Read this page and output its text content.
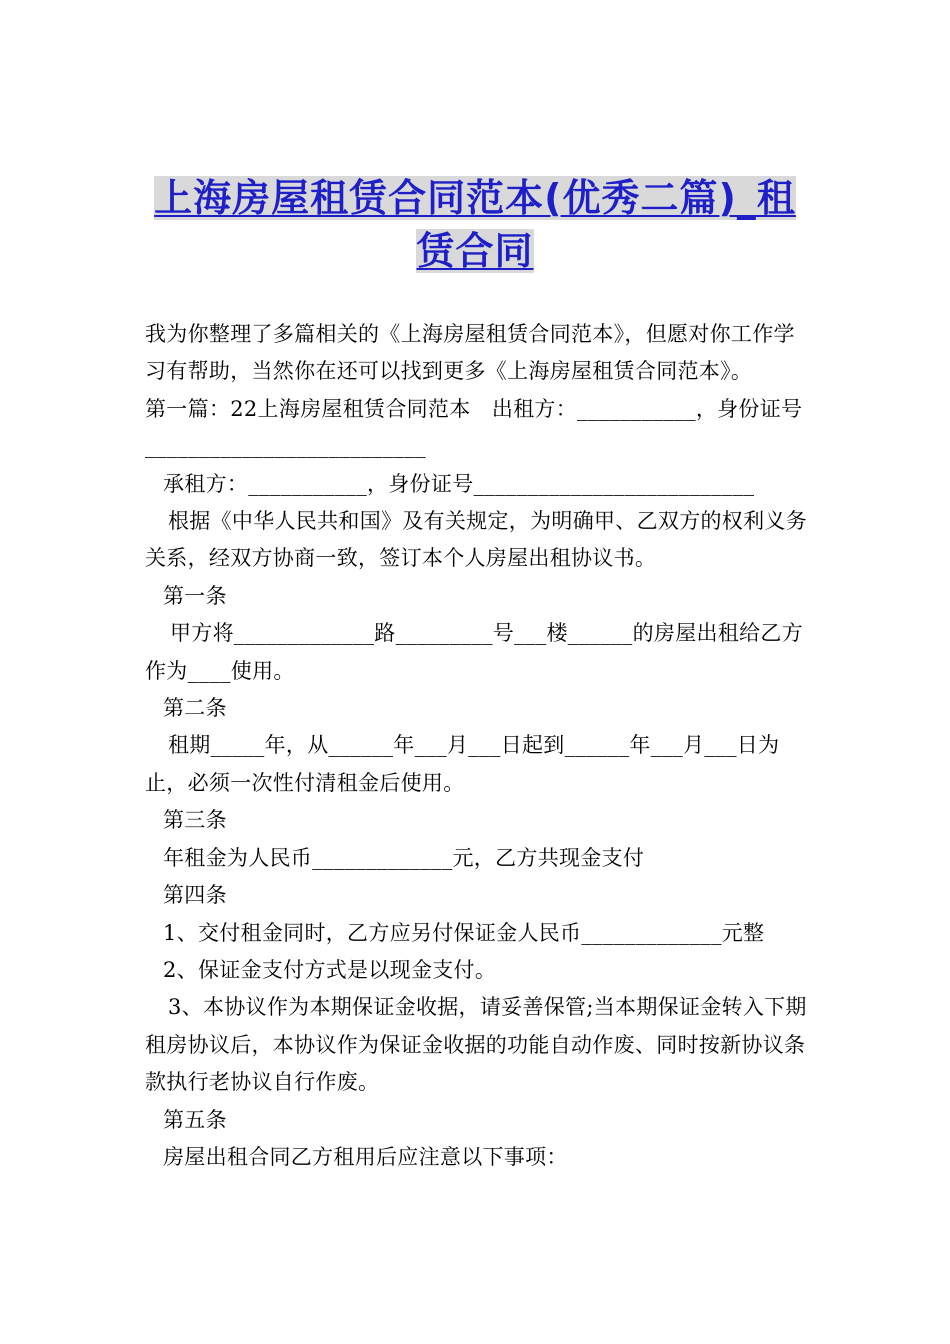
上海房屋租赁合同范本(优秀二篇)_租赁合同

我为你整理了多篇相关的《上海房屋租赁合同范本》，但愿对你工作学习有帮助，当然你在还可以找到更多《上海房屋租赁合同范本》。

第一篇：22上海房屋租赁合同范本　出租方：___________，身份证号__________________________

承租方：___________，身份证号__________________________

根据《中华人民共和国》及有关规定，为明确甲、乙双方的权利义务关系，经双方协商一致，签订本个人房屋出租协议书。

第一条

甲方将_____________路_________号___楼______的房屋出租给乙方作为____使用。

第二条

租期_____年，从______年___月___日起到______年___月___日为止，必须一次性付清租金后使用。

第三条

年租金为人民币_____________元，乙方共现金支付

第四条

1、交付租金同时，乙方应另付保证金人民币_____________元整

2、保证金支付方式是以现金支付。

3、本协议作为本期保证金收据，请妥善保管;当本期保证金转入下期租房协议后，本协议作为保证金收据的功能自动作废、同时按新协议条款执行老协议自行作废。

第五条

房屋出租合同乙方租用后应注意以下事项：
